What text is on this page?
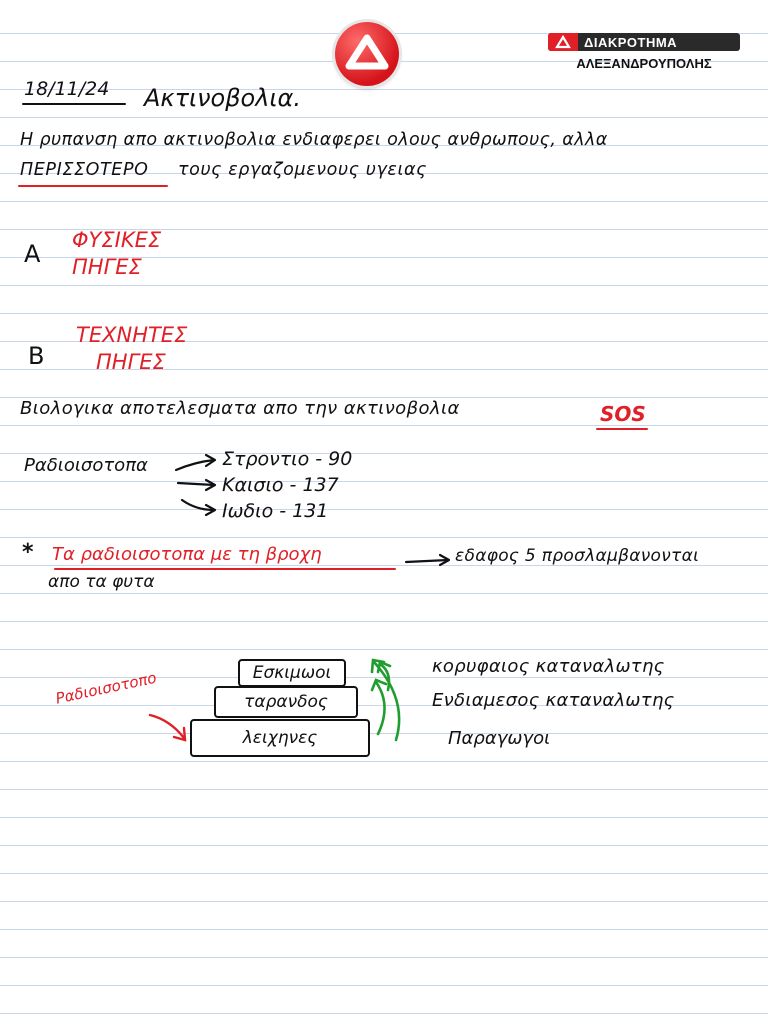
ΔΙΑΚΡΟΤΗΜΑ
ΑΛΕΞΑΝΔΡΟΥΠΟΛΗΣ
18/11/24 Ακτινοβολια.
Η ρυπανση απο ακτινοβολια ενδιαφερει ολους ανθρωπους, αλλα
ΠΕΡΙΣΣΟΤΕΡΟ τους εργαζομενους υγειας
A ΦΥΣΙΚΕΣ
ΠΗΓΕΣ
B
ΤΕΧΝΗΤΕΣ
ΠΗΓΕΣ
Βιολογικα αποτελεσματα απο την ακτινοβολια	SOS
Ραδιοισοτοπα	Στροντιο - 90
Καισιο - 137
Ιωδιο - 131
* Τα ραδιοισοτοπα με τη βροχη	εδαφος 5 προσλαμβανονται
απο τα φυτα
Εσκιμωοι
ταρανδος
λειχηνες
Ραδιοισοτοπο
κορυφαιος καταναλωτης
Ενδιαμεσος καταναλωτης
Παραγωγοι
